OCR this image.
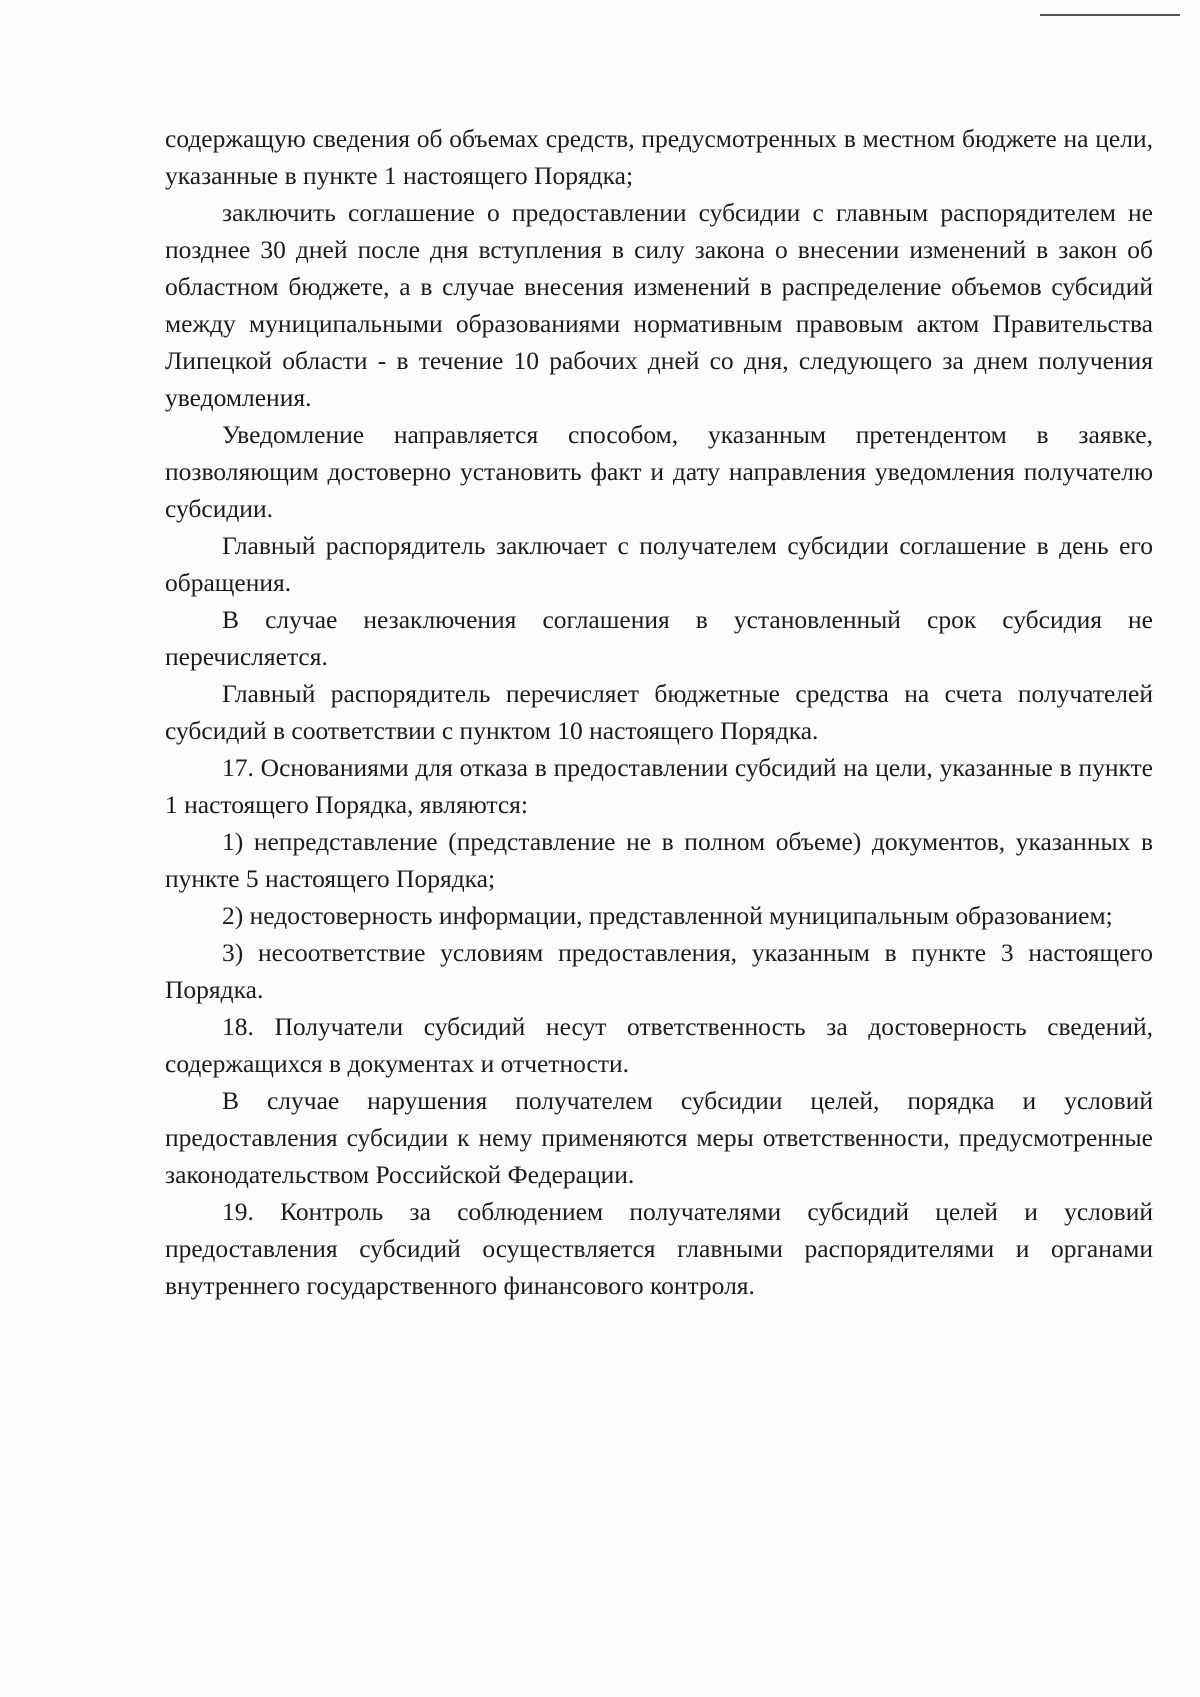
содержащую сведения об объемах средств, предусмотренных в местном бюджете на цели, указанные в пункте 1 настоящего Порядка;

заключить соглашение о предоставлении субсидии с главным распорядителем не позднее 30 дней после дня вступления в силу закона о внесении изменений в закон об областном бюджете, а в случае внесения изменений в распределение объемов субсидий между муниципальными образованиями нормативным правовым актом Правительства Липецкой области - в течение 10 рабочих дней со дня, следующего за днем получения уведомления.

Уведомление направляется способом, указанным претендентом в заявке, позволяющим достоверно установить факт и дату направления уведомления получателю субсидии.

Главный распорядитель заключает с получателем субсидии соглашение в день его обращения.

В случае незаключения соглашения в установленный срок субсидия не перечисляется.

Главный распорядитель перечисляет бюджетные средства на счета получателей субсидий в соответствии с пунктом 10 настоящего Порядка.

17. Основаниями для отказа в предоставлении субсидий на цели, указанные в пункте 1 настоящего Порядка, являются:

1) непредставление (представление не в полном объеме) документов, указанных в пункте 5 настоящего Порядка;

2) недостоверность информации, представленной муниципальным образованием;

3) несоответствие условиям предоставления, указанным в пункте 3 настоящего Порядка.

18. Получатели субсидий несут ответственность за достоверность сведений, содержащихся в документах и отчетности.

В случае нарушения получателем субсидии целей, порядка и условий предоставления субсидии к нему применяются меры ответственности, предусмотренные законодательством Российской Федерации.

19. Контроль за соблюдением получателями субсидий целей и условий предоставления субсидий осуществляется главными распорядителями и органами внутреннего государственного финансового контроля.
